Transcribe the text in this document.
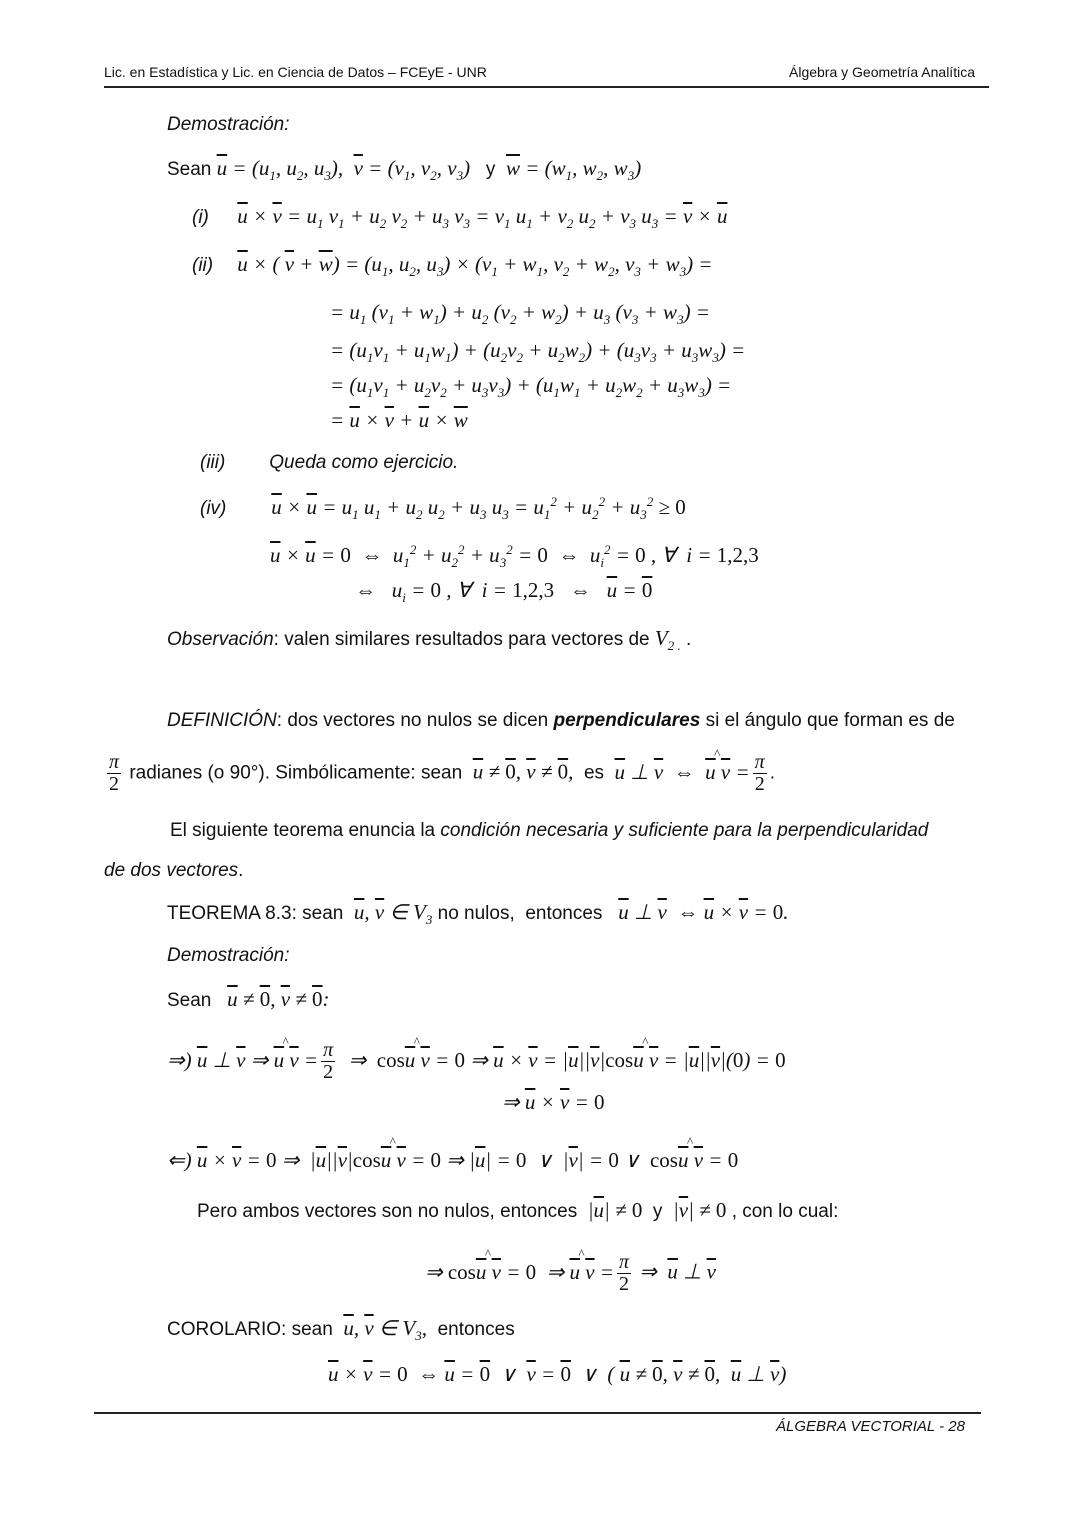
Lic. en Estadística y Lic. en Ciencia de Datos – FCEyE - UNR	Álgebra y Geometría Analítica
Demostración:
Sean $\overline{u} = (u_1$, $u_2$, $u_3$),  $\overline{v} = (v_1$, $v_2$, $v_3$) y $\overline{w} = (w_1$, $w_2$, $w_3$)
(i) $\overline{u} \times \overline{v} = u_1$ $v_1 + u_2$ $v_2 + u_3$ $v_3 = v_1$ $u_1 + v_2$ $u_2 + v_3$ $u_3 = \overline{v} \times \overline{u}$
(ii) $\overline{u}$ × ( $\overline{v} + \overline{w}) = (u_1$, $u_2$, $u_3) \times (v_1 + w_1$, $v_2 + w_2$, $v_3 + w_3$) =
= $u_1$ $(v_1 + w_1) + u_2$ $(v_2 + w_2) + u_3$ $(v_3 + w_3)$ =
= $(u_1v_1 + u_1w_1) + (u_2v_2 + u_2w_2) + (u_3v_3 + u_3w_3)$ =
= $(u_1v_1 + u_2v_2 + u_3v_3) + (u_1w_1 + u_2w_2 + u_3w_3)$ =
= $\overline{u} \times \overline{v} + \overline{u} \times \overline{w}$
(iii) Queda como ejercicio.
(iv) $\overline{u} \times \overline{u} = u_1$ $u_1 + u_2$ $u_2 + u_3$ $u_3 = u_1^2 + u_2^2 + u_3^2 \ge 0$
$\overline{u} \times \overline{u} = 0$  ⇔  $u_1^2 + u_2^2 + u_3^2 = 0$  ⇔  $u_i^2 = 0$ , ∀  i = 1,2,3
⇔   $u_i = 0$ , ∀  i = 1,2,3   ⇔   $\overline{u} = 0$
Observación: valen similares resultados para vectores de $V_{2 .}$ .
DEFINICIÓN: dos vectores no nulos se dicen perpendiculares si el ángulo que forman es de
$\frac{\pi}{2}$ radianes (o 90°). Simbólicamente: sean $\overline{u} \ne 0$, $\overline{v} \ne 0$, es $\overline{u}$ ⊥ $\overline{v}$  ⇔  ^ $\overline{u}$ $\overline{v} = \frac{\pi}{2}$ .
El siguiente teorema enuncia la condición necesaria y suficiente para la perpendicularidad
de dos vectores.
TEOREMA 8.3: sean $\overline{u}$, $\overline{v}$ ∈ $V_3$ no nulos, entonces $\overline{u}$ ⊥ $\overline{v}$  ⇔ $\overline{u} \times \overline{v} = 0$.
Demostración:
Sean $\overline{u} \ne 0$, $\overline{v} \ne 0$:
⇒) $\overline{u}$ ⊥ $\overline{v}$ ⇒ ^ $\overline{u}$ $\overline{v} = \frac{\pi}{2}$ ⇒  cos^ $\overline{u}$ $\overline{v} = 0$ ⇒ $\overline{u} \times \overline{v}$ = $|\overline{u}||\overline{v}|\cos\^{}$ $\overline{u}$ $\overline{v} = |\overline{u}||\overline{v}|(0) = 0$
⇒ $\overline{u} \times \overline{v} = 0$
⇐) $\overline{u} \times \overline{v} = 0$ ⇒  $|\overline{u}||\overline{v}|\cos\^{}$ $\overline{u}$ $\overline{v} = 0$ ⇒ $|\overline{u}| = 0$  ∨  $|\overline{v}| = 0$ ∨  cos^ $\overline{u}$ $\overline{v} = 0$
Pero ambos vectores son no nulos, entonces  $|\overline{u}| \ne 0$ y $|\overline{v}| \ne 0$ , con lo cual:
⇒ cos^ $\overline{u}$ $\overline{v} = 0$  ⇒ ^ $\overline{u}$ $\overline{v} = \frac{\pi}{2}$ ⇒  $\overline{u}$ ⊥ $\overline{v}$
COROLARIO: sean $\overline{u}$, $\overline{v}$ ∈ $V_3$, entonces
$\overline{u} \times \overline{v} = 0$  ⇔ $\overline{u} = 0$  ∨  $\overline{v} = 0$  ∨  ( $\overline{u} \ne 0$, $\overline{v} \ne 0$,  $\overline{u}$ ⊥ $\overline{v}$)
ÁLGEBRA VECTORIAL - 28
